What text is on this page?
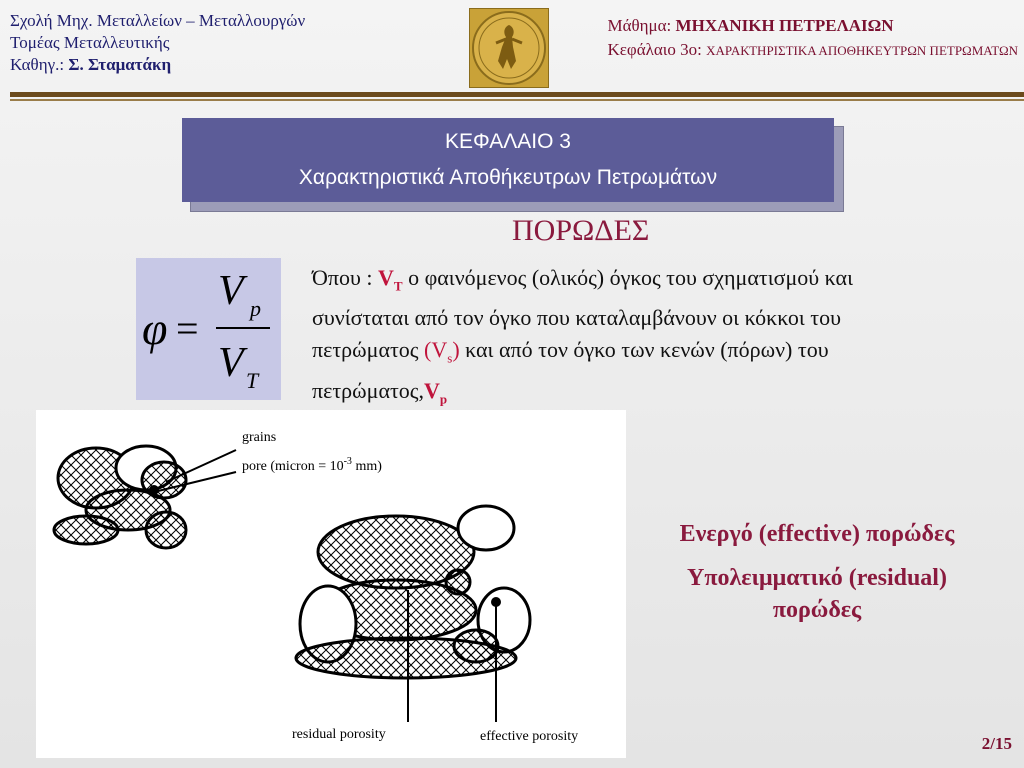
Σχολή Μηχ. Μεταλλείων – Μεταλλουργών
Τομέας Μεταλλευτικής
Καθηγ.: Σ. Σταματάκη
Μάθημα: ΜΗΧΑΝΙΚΗ ΠΕΤΡΕΛΑΙΩΝ
Κεφάλαιο 3ο: ΧΑΡΑΚΤΗΡΙΣΤΙΚΑ ΑΠΟΘΗΚΕΥΤΡΩΝ ΠΕΤΡΩΜΑΤΩΝ
ΚΕΦΑΛΑΙΟ 3
Χαρακτηριστικά Αποθήκευτρων Πετρωμάτων
ΠΟΡΩΔΕΣ
φ =
V p
V T
Όπου : $V_T$ ο φαινόμενος (ολικός) όγκος του σχηματισμού και συνίσταται από τον όγκο που καταλαμβάνουν οι κόκκοι του πετρώματος $(V_s)$ και από τον όγκο των κενών (πόρων) του $\pi\varepsilon\tau\rho ώ\mu\alpha\tau o\varsigma,V_p$
grains
pore (micron = $10^{-3}$ mm)
residual porosity	effective porosity
Ενεργό (effective) πορώδες
Υπολειμματικό (residual) πορώδες
2/15
